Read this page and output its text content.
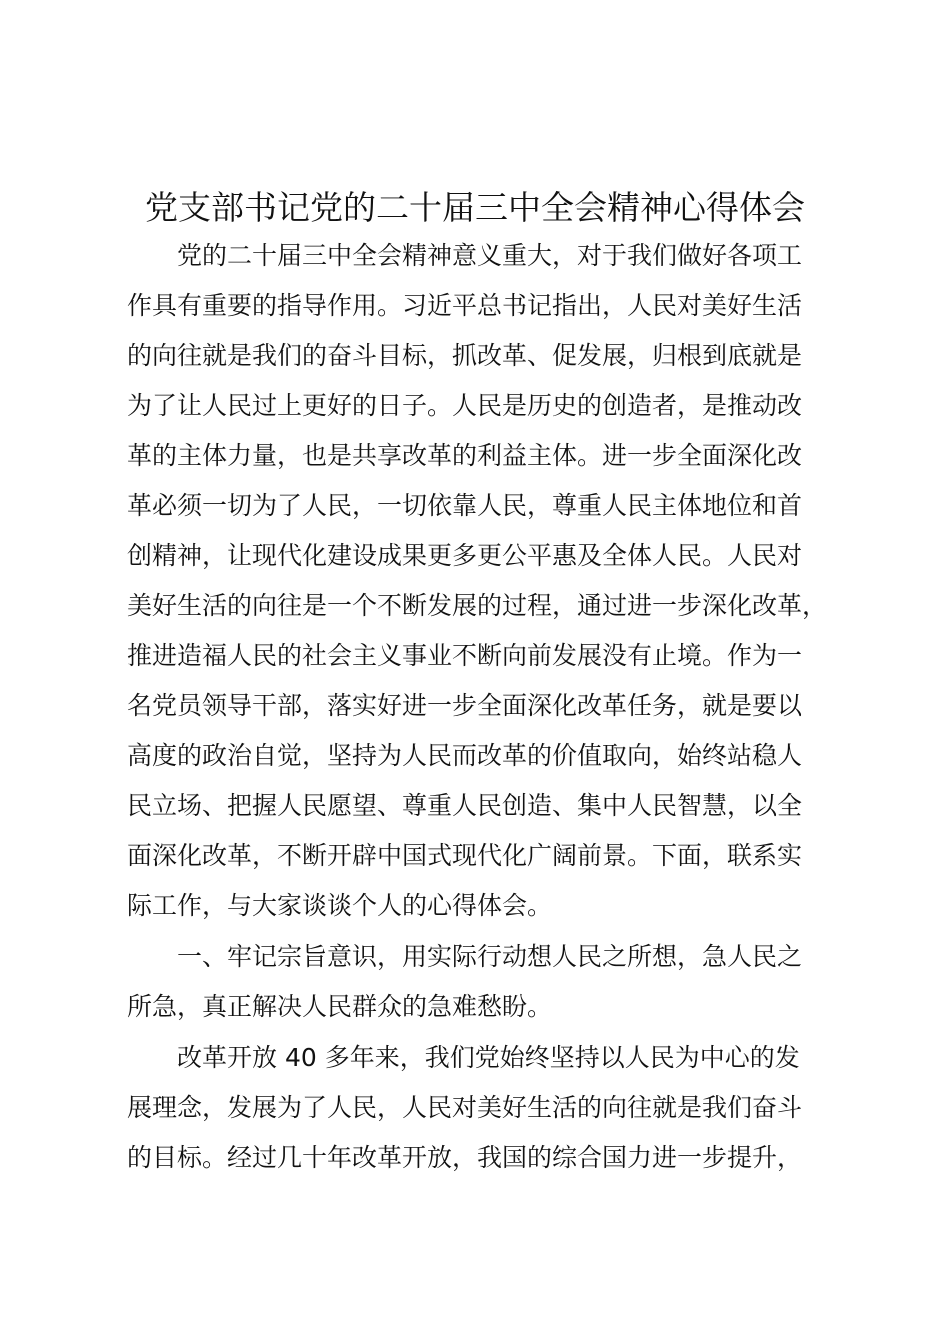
党支部书记党的二十届三中全会精神心得体会

党的二十届三中全会精神意义重大，对于我们做好各项工

作具有重要的指导作用。习近平总书记指出，人民对美好生活

的向往就是我们的奋斗目标，抓改革、促发展，归根到底就是

为了让人民过上更好的日子。人民是历史的创造者，是推动改

革的主体力量，也是共享改革的利益主体。进一步全面深化改

革必须一切为了人民，一切依靠人民，尊重人民主体地位和首

创精神，让现代化建设成果更多更公平惠及全体人民。人民对

美好生活的向往是一个不断发展的过程，通过进一步深化改革，

推进造福人民的社会主义事业不断向前发展没有止境。作为一

名党员领导干部，落实好进一步全面深化改革任务，就是要以

高度的政治自觉，坚持为人民而改革的价值取向，始终站稳人

民立场、把握人民愿望、尊重人民创造、集中人民智慧，以全

面深化改革，不断开辟中国式现代化广阔前景。下面，联系实

际工作，与大家谈谈个人的心得体会。

一、牢记宗旨意识，用实际行动想人民之所想，急人民之

所急，真正解决人民群众的急难愁盼。

改革开放 40 多年来，我们党始终坚持以人民为中心的发

展理念，发展为了人民，人民对美好生活的向往就是我们奋斗

的目标。经过几十年改革开放，我国的综合国力进一步提升，
